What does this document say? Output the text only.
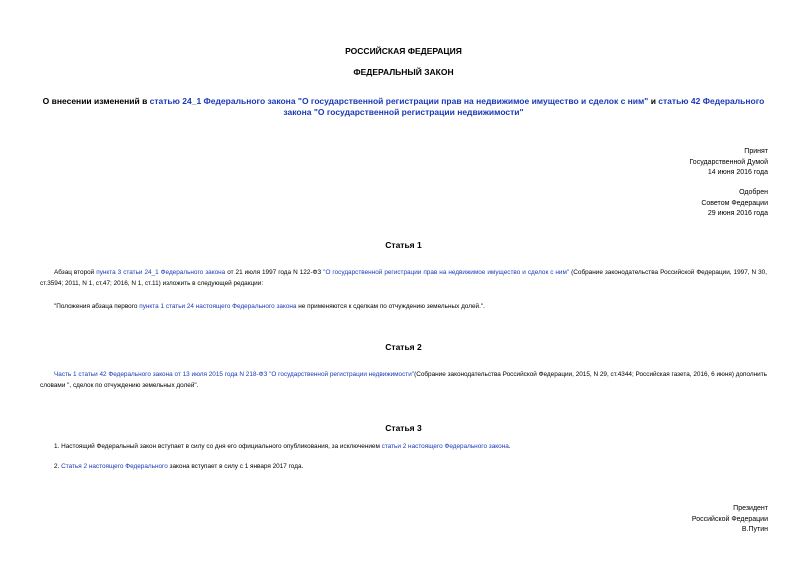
РОССИЙСКАЯ ФЕДЕРАЦИЯ
ФЕДЕРАЛЬНЫЙ ЗАКОН
О внесении изменений в статью 24_1 Федерального закона "О государственной регистрации прав на недвижимое имущество и сделок с ним" и статью 42 Федерального закона "О государственной регистрации недвижимости"
Принят
Государственной Думой
14 июня 2016 года
Одобрен
Советом Федерации
29 июня 2016 года
Статья 1
Абзац второй пункта 3 статьи 24_1 Федерального закона от 21 июля 1997 года N 122-ФЗ "О государственной регистрации прав на недвижимое имущество и сделок с ним" (Собрание законодательства Российской Федерации, 1997, N 30, ст.3594; 2011, N 1, ст.47; 2016, N 1, ст.11) изложить в следующей редакции:
"Положения абзаца первого пункта 1 статьи 24 настоящего Федерального закона не применяются к сделкам по отчуждению земельных долей.".
Статья 2
Часть 1 статьи 42 Федерального закона от 13 июля 2015 года N 218-ФЗ "О государственной регистрации недвижимости"(Собрание законодательства Российской Федерации, 2015, N 29, ст.4344; Российская газета, 2016, 6 июня) дополнить словами ", сделок по отчуждению земельных долей".
Статья 3
1. Настоящий Федеральный закон вступает в силу со дня его официального опубликования, за исключением статьи 2 настоящего Федерального закона.
2. Статья 2 настоящего Федерального закона вступает в силу с 1 января 2017 года.
Президент
Российской Федерации
В.Путин
